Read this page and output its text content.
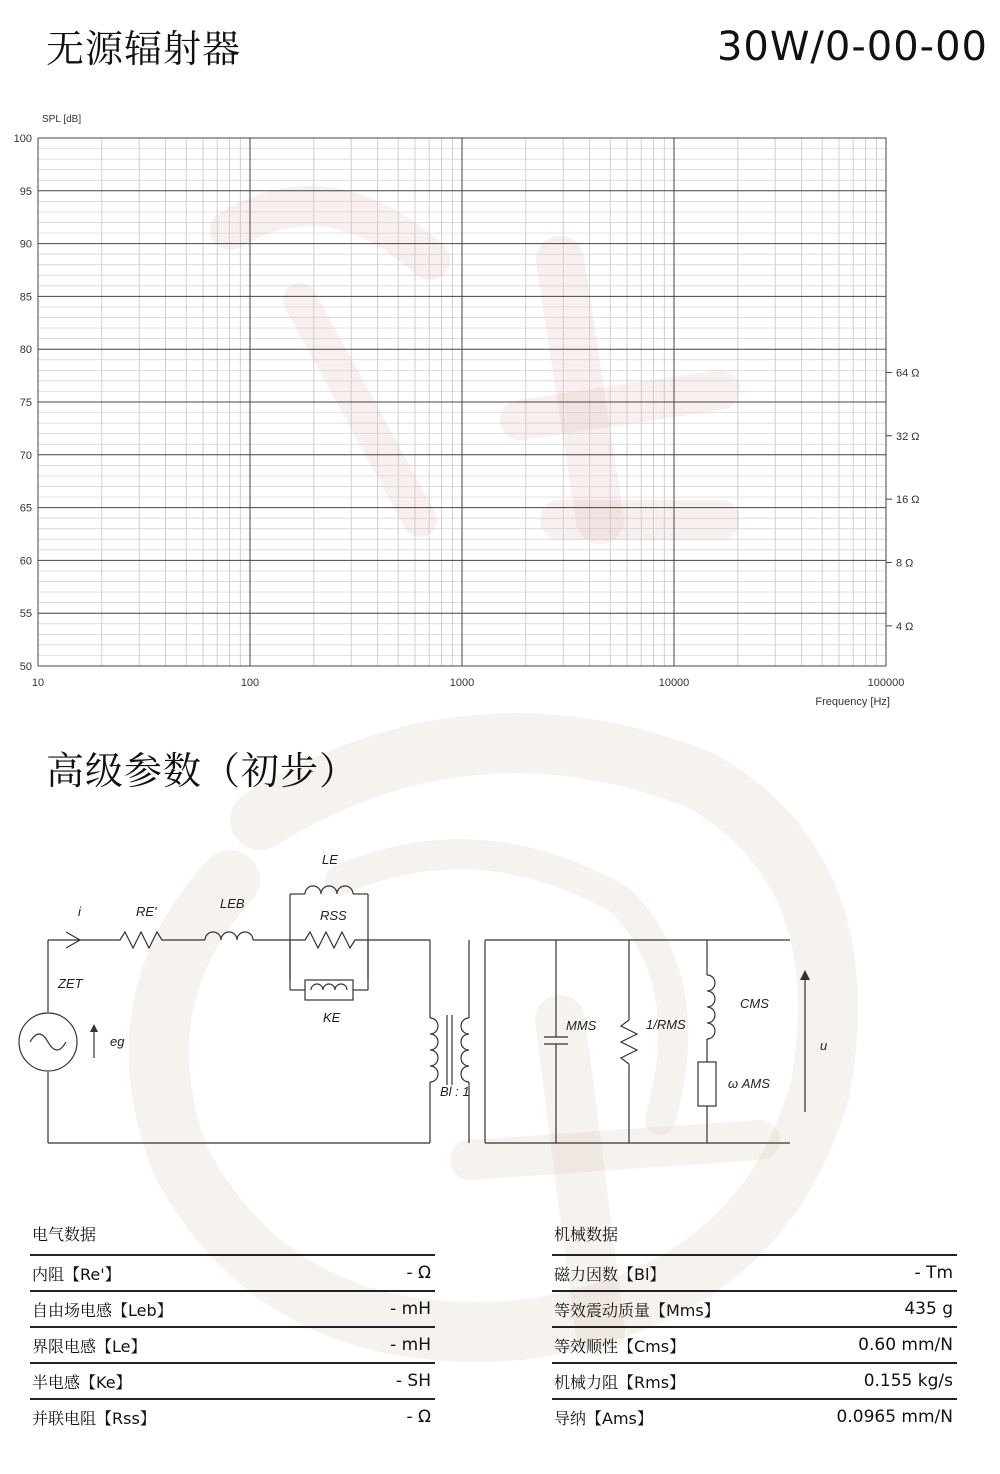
无源辐射器	30W/0-00-00
100
95
90
85
80
75
70
65
60
55
50
10	100	1000	10000	100000
64 Ω
32 Ω
16 Ω
8 Ω
4 Ω
SPL [dB]
Frequency [Hz]
高级参数（初步）
i	RE'
LEB
LE
RSS
KE
ZET
eg
Bl : 1
MMS	1/RMS
CMS
ω AMS
u
电气数据
内阻【Re'】	- Ω
自由场电感【Leb】	- mH
界限电感【Le】	- mH
半电感【Ke】	- SH
并联电阻【Rss】	- Ω
机械数据
磁力因数【Bl】	- Tm
等效震动质量【Mms】	435 g
等效顺性【Cms】	0.60 mm/N
机械力阻【Rms】	0.155 kg/s
导纳【Ams】	0.0965 mm/N
